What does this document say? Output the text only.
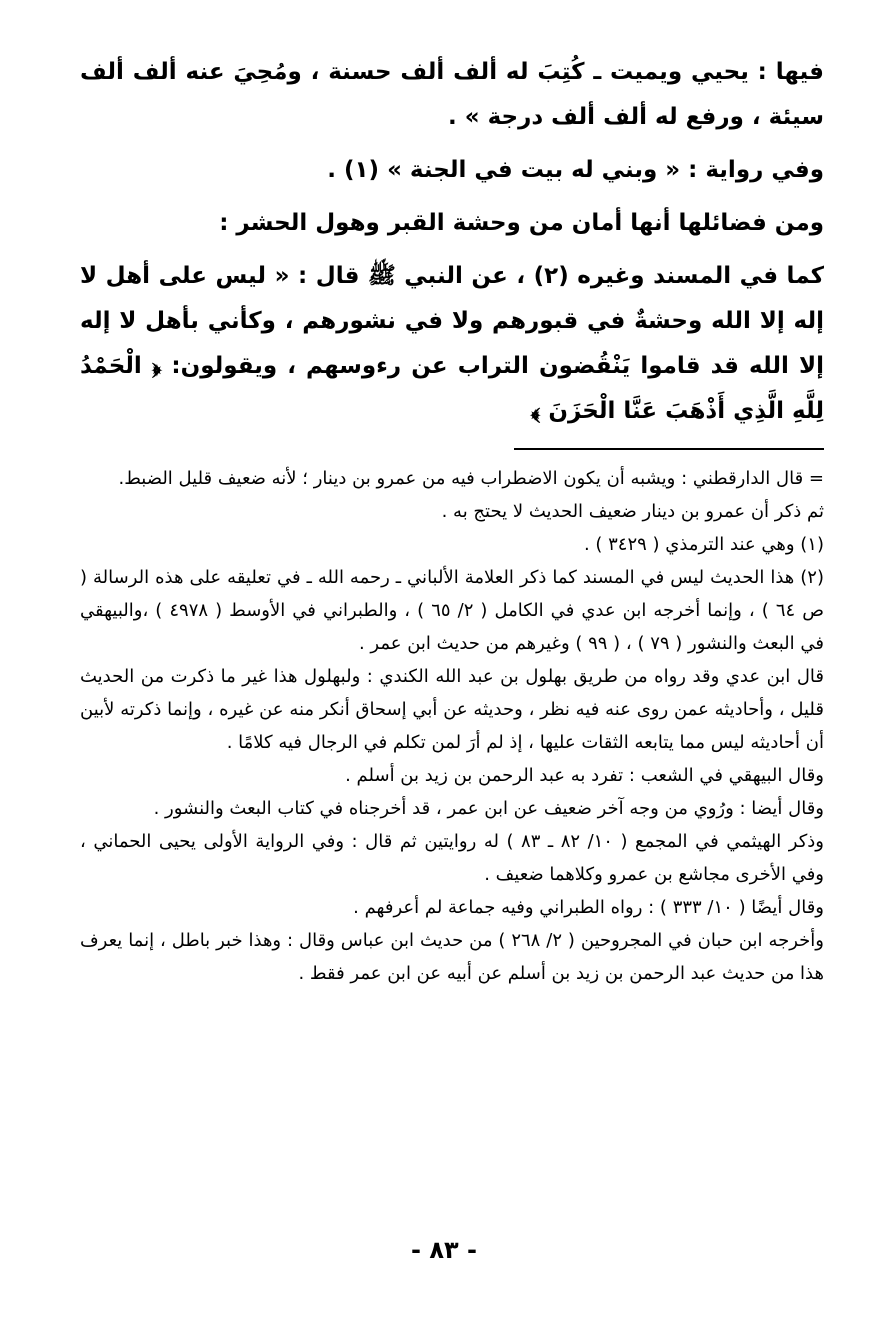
فيها : يحيي ويميت ـ كُتِبَ له ألف ألف حسنة ، ومُحِيَ عنه ألف ألف سيئة ، ورفع له ألف ألف درجة » .

وفي رواية : « وبني له بيت في الجنة » (١) .

ومن فضائلها أنها أمان من وحشة القبر وهول الحشر :

كما في المسند وغيره (٢) ، عن النبي ﷺ قال : « ليس على أهل لا إله إلا الله وحشةٌ في قبورهم ولا في نشورهم ، وكأني بأهل لا إله إلا الله قد قاموا يَنْقُضون التراب عن رءوسهم ، ويقولون: ﴿ الْحَمْدُ لِلَّهِ الَّذِي أَذْهَبَ عَنَّا الْحَزَنَ ﴾

= قال الدارقطني : ويشبه أن يكون الاضطراب فيه من عمرو بن دينار ؛ لأنه ضعيف قليل الضبط.

ثم ذكر أن عمرو بن دينار ضعيف الحديث لا يحتج به .

(١) وهي عند الترمذي ( ٣٤٢٩ ) .

(٢) هذا الحديث ليس في المسند كما ذكر العلامة الألباني ـ رحمه الله ـ في تعليقه على هذه الرسالة ( ص ٦٤ ) ، وإنما أخرجه ابن عدي في الكامل ( ٢/ ٦٥ ) ، والطبراني في الأوسط ( ٤٩٧٨ ) ،والبيهقي في البعث والنشور ( ٧٩ ) ، ( ٩٩ ) وغيرهم من حديث ابن عمر .

قال ابن عدي وقد رواه من طريق بهلول بن عبد الله الكندي : ولبهلول هذا غير ما ذكرت من الحديث قليل ، وأحاديثه عمن روى عنه فيه نظر ، وحديثه عن أبي إسحاق أنكر منه عن غيره ، وإنما ذكرته لأبين أن أحاديثه ليس مما يتابعه الثقات عليها ، إذ لم أرَ لمن تكلم في الرجال فيه كلامًا .

وقال البيهقي في الشعب : تفرد به عبد الرحمن بن زيد بن أسلم .

وقال أيضا : ورُوي من وجه آخر ضعيف عن ابن عمر ، قد أخرجناه في كتاب البعث والنشور .

وذكر الهيثمي في المجمع ( ١٠/ ٨٢ ـ ٨٣ ) له روايتين ثم قال : وفي الرواية الأولى يحيى الحماني ، وفي الأخرى مجاشع بن عمرو وكلاهما ضعيف .

وقال أيضًا ( ١٠/ ٣٣٣ ) : رواه الطبراني وفيه جماعة لم أعرفهم .

وأخرجه ابن حبان في المجروحين ( ٢/ ٢٦٨ ) من حديث ابن عباس وقال : وهذا خبر باطل ، إنما يعرف هذا من حديث عبد الرحمن بن زيد بن أسلم عن أبيه عن ابن عمر فقط .

- ٨٣ -
